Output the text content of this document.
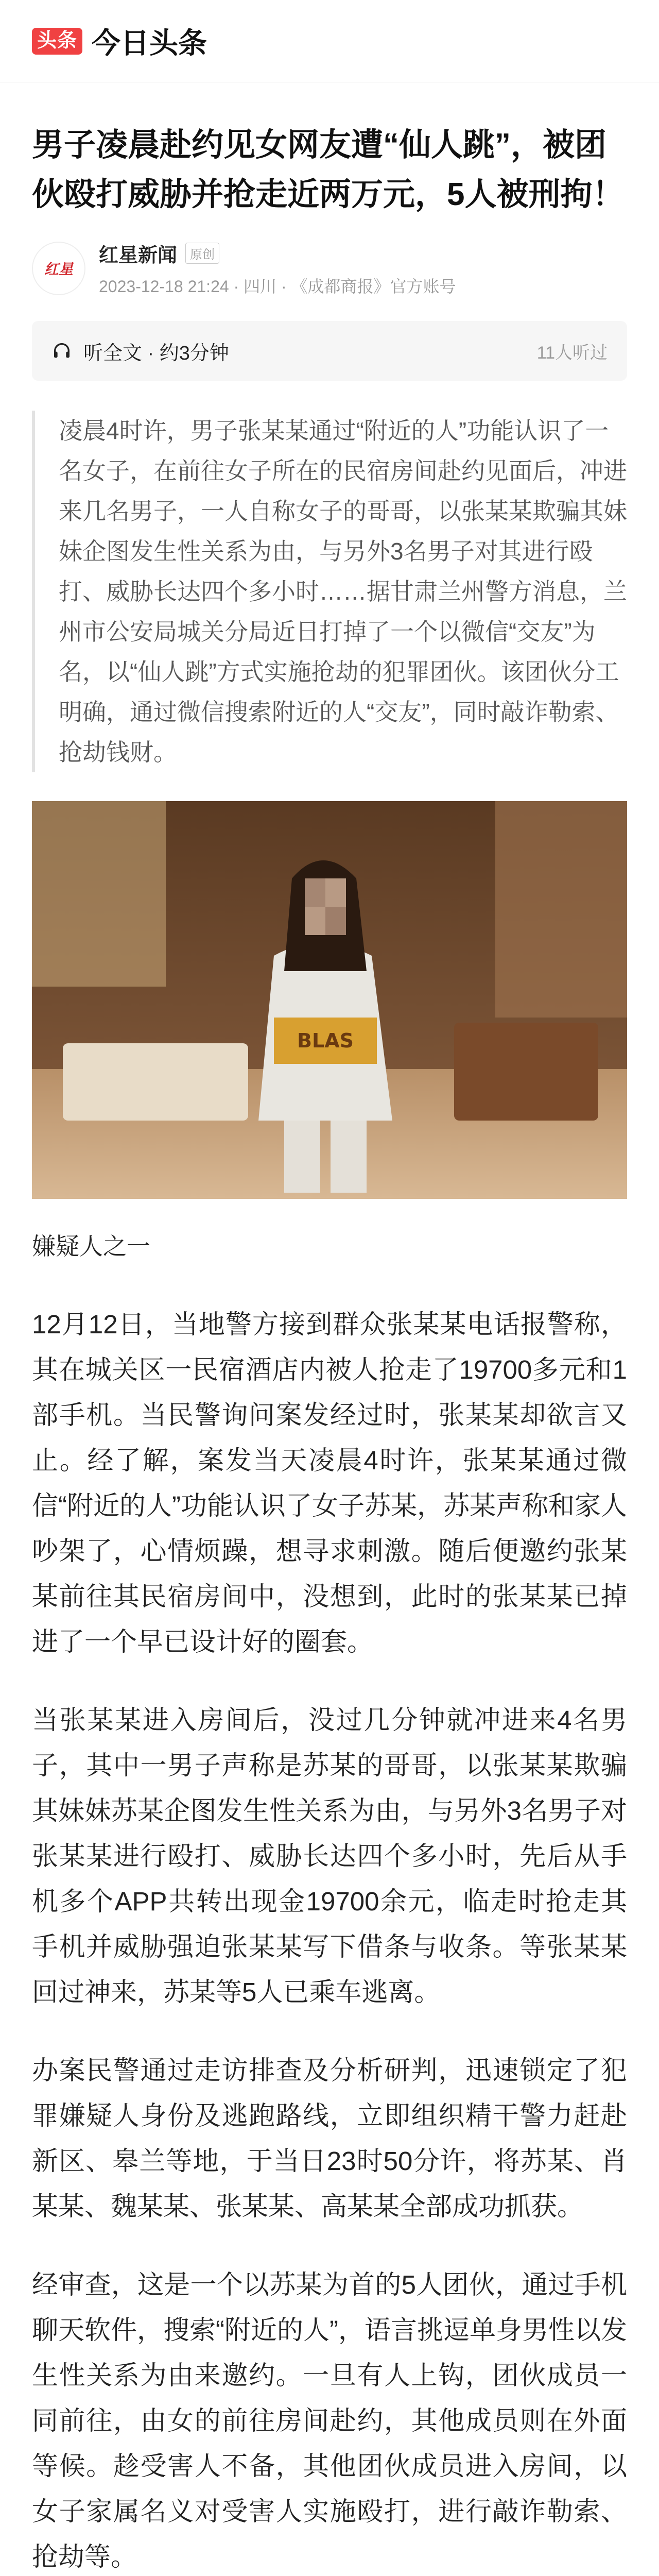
头条 今日头条
男子凌晨赴约见女网友遭“仙人跳”，被团伙殴打威胁并抢走近两万元，5人被刑拘！
红星
红星新闻	原创
2023-12-18 21:24 · 四川 · 《成都商报》官方账号
听全文 · 约3分钟	11人听过
凌晨4时许，男子张某某通过“附近的人”功能认识了一名女子，在前往女子所在的民宿房间赴约见面后，冲进来几名男子，一人自称女子的哥哥，以张某某欺骗其妹妹企图发生性关系为由，与另外3名男子对其进行殴打、威胁长达四个多小时……据甘肃兰州警方消息，兰州市公安局城关分局近日打掉了一个以微信“交友”为名，以“仙人跳”方式实施抢劫的犯罪团伙。该团伙分工明确，通过微信搜索附近的人“交友”，同时敲诈勒索、抢劫钱财。
BLAS
嫌疑人之一

12月12日，当地警方接到群众张某某电话报警称，其在城关区一民宿酒店内被人抢走了19700多元和1部手机。当民警询问案发经过时，张某某却欲言又止。经了解，案发当天凌晨4时许，张某某通过微信“附近的人”功能认识了女子苏某，苏某声称和家人吵架了，心情烦躁，想寻求刺激。随后便邀约张某某前往其民宿房间中，没想到，此时的张某某已掉进了一个早已设计好的圈套。

当张某某进入房间后，没过几分钟就冲进来4名男子，其中一男子声称是苏某的哥哥，以张某某欺骗其妹妹苏某企图发生性关系为由，与另外3名男子对张某某进行殴打、威胁长达四个多小时，先后从手机多个APP共转出现金19700余元，临走时抢走其手机并威胁强迫张某某写下借条与收条。等张某某回过神来，苏某等5人已乘车逃离。

办案民警通过走访排查及分析研判，迅速锁定了犯罪嫌疑人身份及逃跑路线，立即组织精干警力赶赴新区、皋兰等地，于当日23时50分许，将苏某、肖某某、魏某某、张某某、高某某全部成功抓获。

经审查，这是一个以苏某为首的5人团伙，通过手机聊天软件，搜索“附近的人”，语言挑逗单身男性以发生性关系为由来邀约。一旦有人上钩，团伙成员一同前往，由女的前往房间赴约，其他成员则在外面等候。趁受害人不备，其他团伙成员进入房间，以女子家属名义对受害人实施殴打，进行敲诈勒索、抢劫等。
